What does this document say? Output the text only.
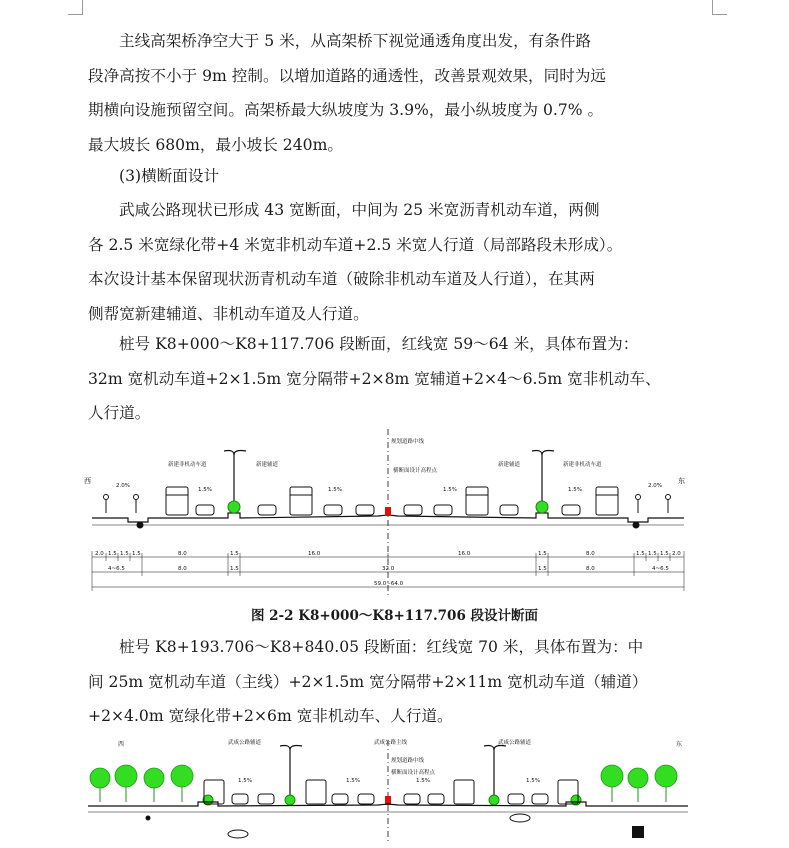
主线高架桥净空大于 5 米，从高架桥下视觉通透角度出发，有条件路
段净高按不小于 9m 控制。以增加道路的通透性，改善景观效果，同时为远
期横向设施预留空间。高架桥最大纵坡度为 3.9%，最小纵坡度为 0.7% 。
最大坡长 680m，最小坡长 240m。
(3)横断面设计
武咸公路现状已形成 43 宽断面，中间为 25 米宽沥青机动车道，两侧
各 2.5 米宽绿化带+4 米宽非机动车道+2.5 米宽人行道（局部路段未形成）。
本次设计基本保留现状沥青机动车道（破除非机动车道及人行道），在其两
侧帮宽新建辅道、非机动车道及人行道。
桩号 K8+000～K8+117.706 段断面，红线宽 59～64 米，具体布置为：
32m 宽机动车道+2×1.5m 宽分隔带+2×8m 宽辅道+2×4～6.5m 宽非机动车、
人行道。
规划道路中线
横断面设计高程点
西	东
新建非机动车道	新建辅道	新建辅道	新建非机动车道
2.0%
1.5%	1.5%	1.5%	1.5%
2.0%
2.0 1.5 1.5 1.5	8.0	1.5	16.0	16.0	1.5	8.0	1.5 1.5 1.5 2.0
4~6.5	8.0	1.5	32.0	1.5	8.0	4~6.5
59.0~64.0
图 2-2 K8+000～K8+117.706 段设计断面
桩号 K8+193.706～K8+840.05 段断面：红线宽 70 米，具体布置为：中
间 25m 宽机动车道（主线）+2×1.5m 宽分隔带+2×11m 宽机动车道（辅道）
+2×4.0m 宽绿化带+2×6m 宽非机动车、人行道。
西	东
武咸公路辅道	武咸公路主线	武咸公路辅道
规划道路中线
横断面设计高程点
1.5%	1.5%	1.5%	1.5%
